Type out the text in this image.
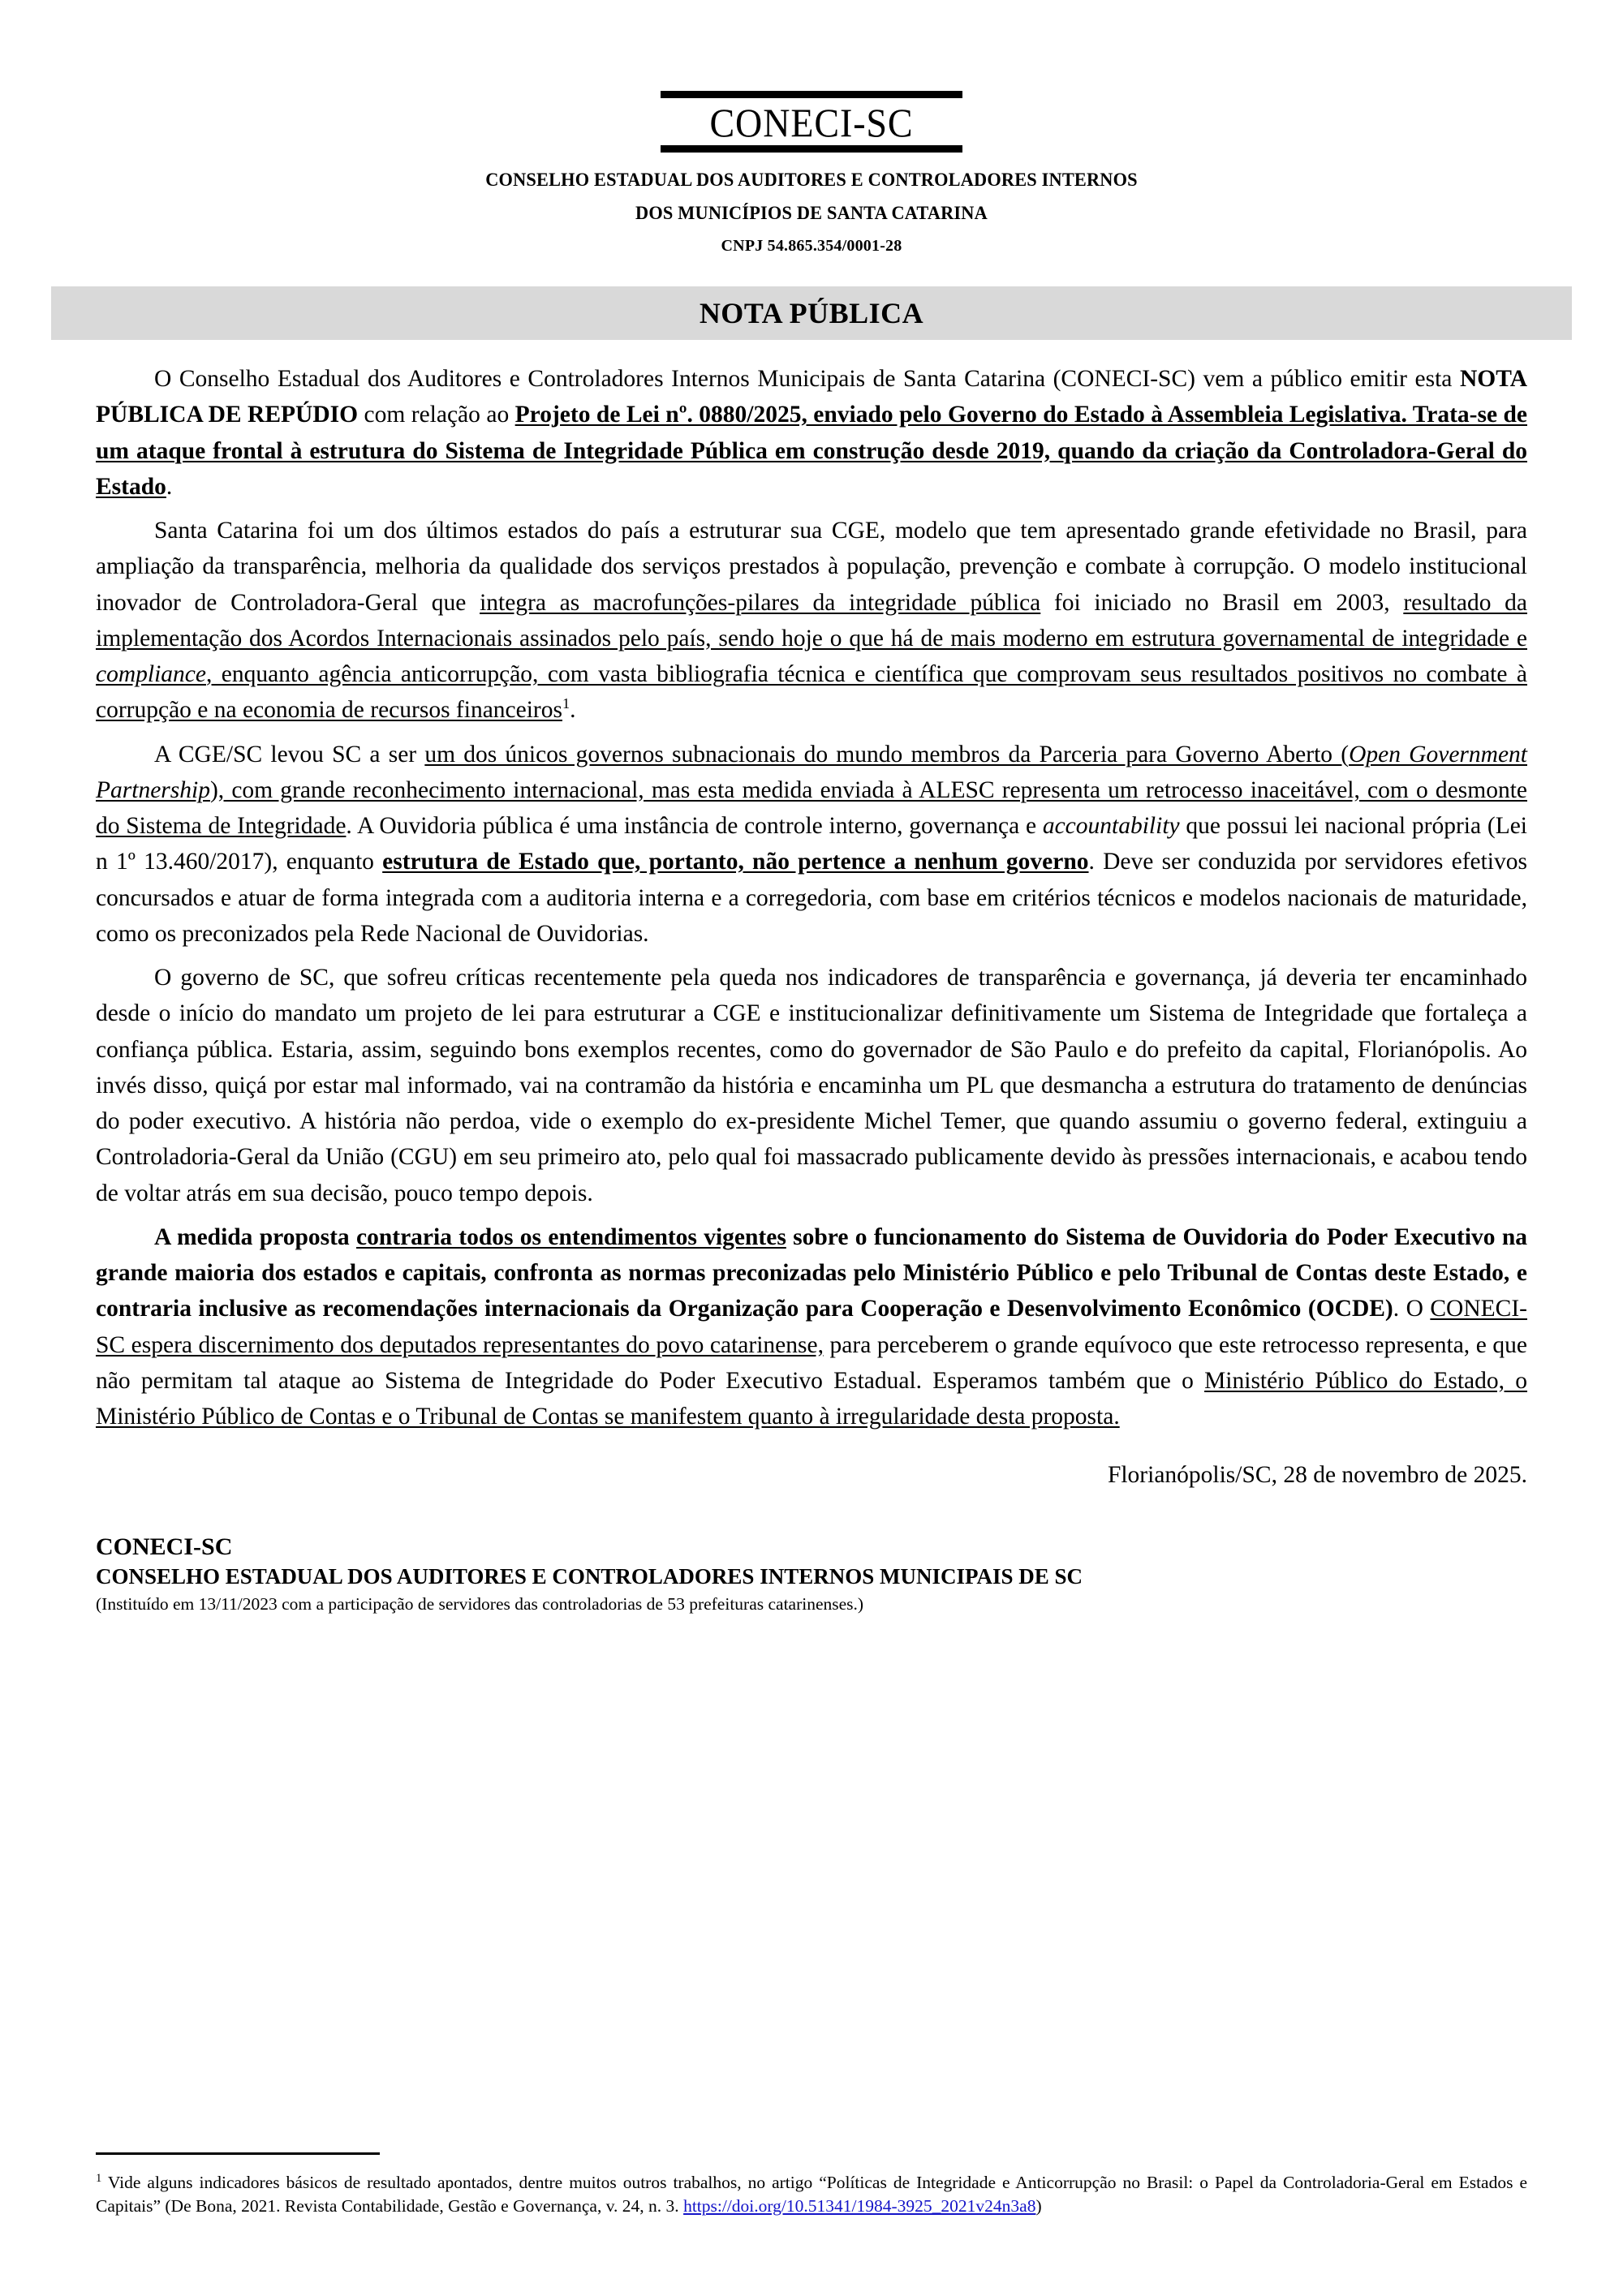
CONECI-SC
CONSELHO ESTADUAL DOS AUDITORES E CONTROLADORES INTERNOS
DOS MUNICÍPIOS DE SANTA CATARINA
CNPJ 54.865.354/0001-28
NOTA PÚBLICA

O Conselho Estadual dos Auditores e Controladores Internos Municipais de Santa Catarina (CONECI-SC) vem a público emitir esta NOTA PÚBLICA DE REPÚDIO com relação ao Projeto de Lei nº. 0880/2025, enviado pelo Governo do Estado à Assembleia Legislativa. Trata-se de um ataque frontal à estrutura do Sistema de Integridade Pública em construção desde 2019, quando da criação da Controladora-Geral do Estado.

Santa Catarina foi um dos últimos estados do país a estruturar sua CGE, modelo que tem apresentado grande efetividade no Brasil, para ampliação da transparência, melhoria da qualidade dos serviços prestados à população, prevenção e combate à corrupção. O modelo institucional inovador de Controladora-Geral que integra as macrofunções-pilares da integridade pública foi iniciado no Brasil em 2003, resultado da implementação dos Acordos Internacionais assinados pelo país, sendo hoje o que há de mais moderno em estrutura governamental de integridade e compliance, enquanto agência anticorrupção, com vasta bibliografia técnica e científica que comprovam seus resultados positivos no combate à corrupção e na economia de recursos financeiros$^1$.

A CGE/SC levou SC a ser um dos únicos governos subnacionais do mundo membros da Parceria para Governo Aberto (Open Government Partnership), com grande reconhecimento internacional, mas esta medida enviada à ALESC representa um retrocesso inaceitável, com o desmonte do Sistema de Integridade. A Ouvidoria pública é uma instância de controle interno, governança e accountability que possui lei nacional própria (Lei n 1º 13.460/2017), enquanto estrutura de Estado que, portanto, não pertence a nenhum governo. Deve ser conduzida por servidores efetivos concursados e atuar de forma integrada com a auditoria interna e a corregedoria, com base em critérios técnicos e modelos nacionais de maturidade, como os preconizados pela Rede Nacional de Ouvidorias.

O governo de SC, que sofreu críticas recentemente pela queda nos indicadores de transparência e governança, já deveria ter encaminhado desde o início do mandato um projeto de lei para estruturar a CGE e institucionalizar definitivamente um Sistema de Integridade que fortaleça a confiança pública. Estaria, assim, seguindo bons exemplos recentes, como do governador de São Paulo e do prefeito da capital, Florianópolis. Ao invés disso, quiçá por estar mal informado, vai na contramão da história e encaminha um PL que desmancha a estrutura do tratamento de denúncias do poder executivo. A história não perdoa, vide o exemplo do ex-presidente Michel Temer, que quando assumiu o governo federal, extinguiu a Controladoria-Geral da União (CGU) em seu primeiro ato, pelo qual foi massacrado publicamente devido às pressões internacionais, e acabou tendo de voltar atrás em sua decisão, pouco tempo depois.

A medida proposta contraria todos os entendimentos vigentes sobre o funcionamento do Sistema de Ouvidoria do Poder Executivo na grande maioria dos estados e capitais, confronta as normas preconizadas pelo Ministério Público e pelo Tribunal de Contas deste Estado, e contraria inclusive as recomendações internacionais da Organização para Cooperação e Desenvolvimento Econômico (OCDE). O CONECI-SC espera discernimento dos deputados representantes do povo catarinense, para perceberem o grande equívoco que este retrocesso representa, e que não permitam tal ataque ao Sistema de Integridade do Poder Executivo Estadual. Esperamos também que o Ministério Público do Estado, o Ministério Público de Contas e o Tribunal de Contas se manifestem quanto à irregularidade desta proposta.

Florianópolis/SC, 28 de novembro de 2025.
CONECI-SC
CONSELHO ESTADUAL DOS AUDITORES E CONTROLADORES INTERNOS MUNICIPAIS DE SC
(Instituído em 13/11/2023 com a participação de servidores das controladorias de 53 prefeituras catarinenses.)
$^1$ Vide alguns indicadores básicos de resultado apontados, dentre muitos outros trabalhos, no artigo “Políticas de Integridade e Anticorrupção no Brasil: o Papel da Controladoria-Geral em Estados e Capitais” (De Bona, 2021. Revista Contabilidade, Gestão e Governança, v. 24, n. 3. https://doi.org/10.51341/1984-3925_2021v24n3a8)
